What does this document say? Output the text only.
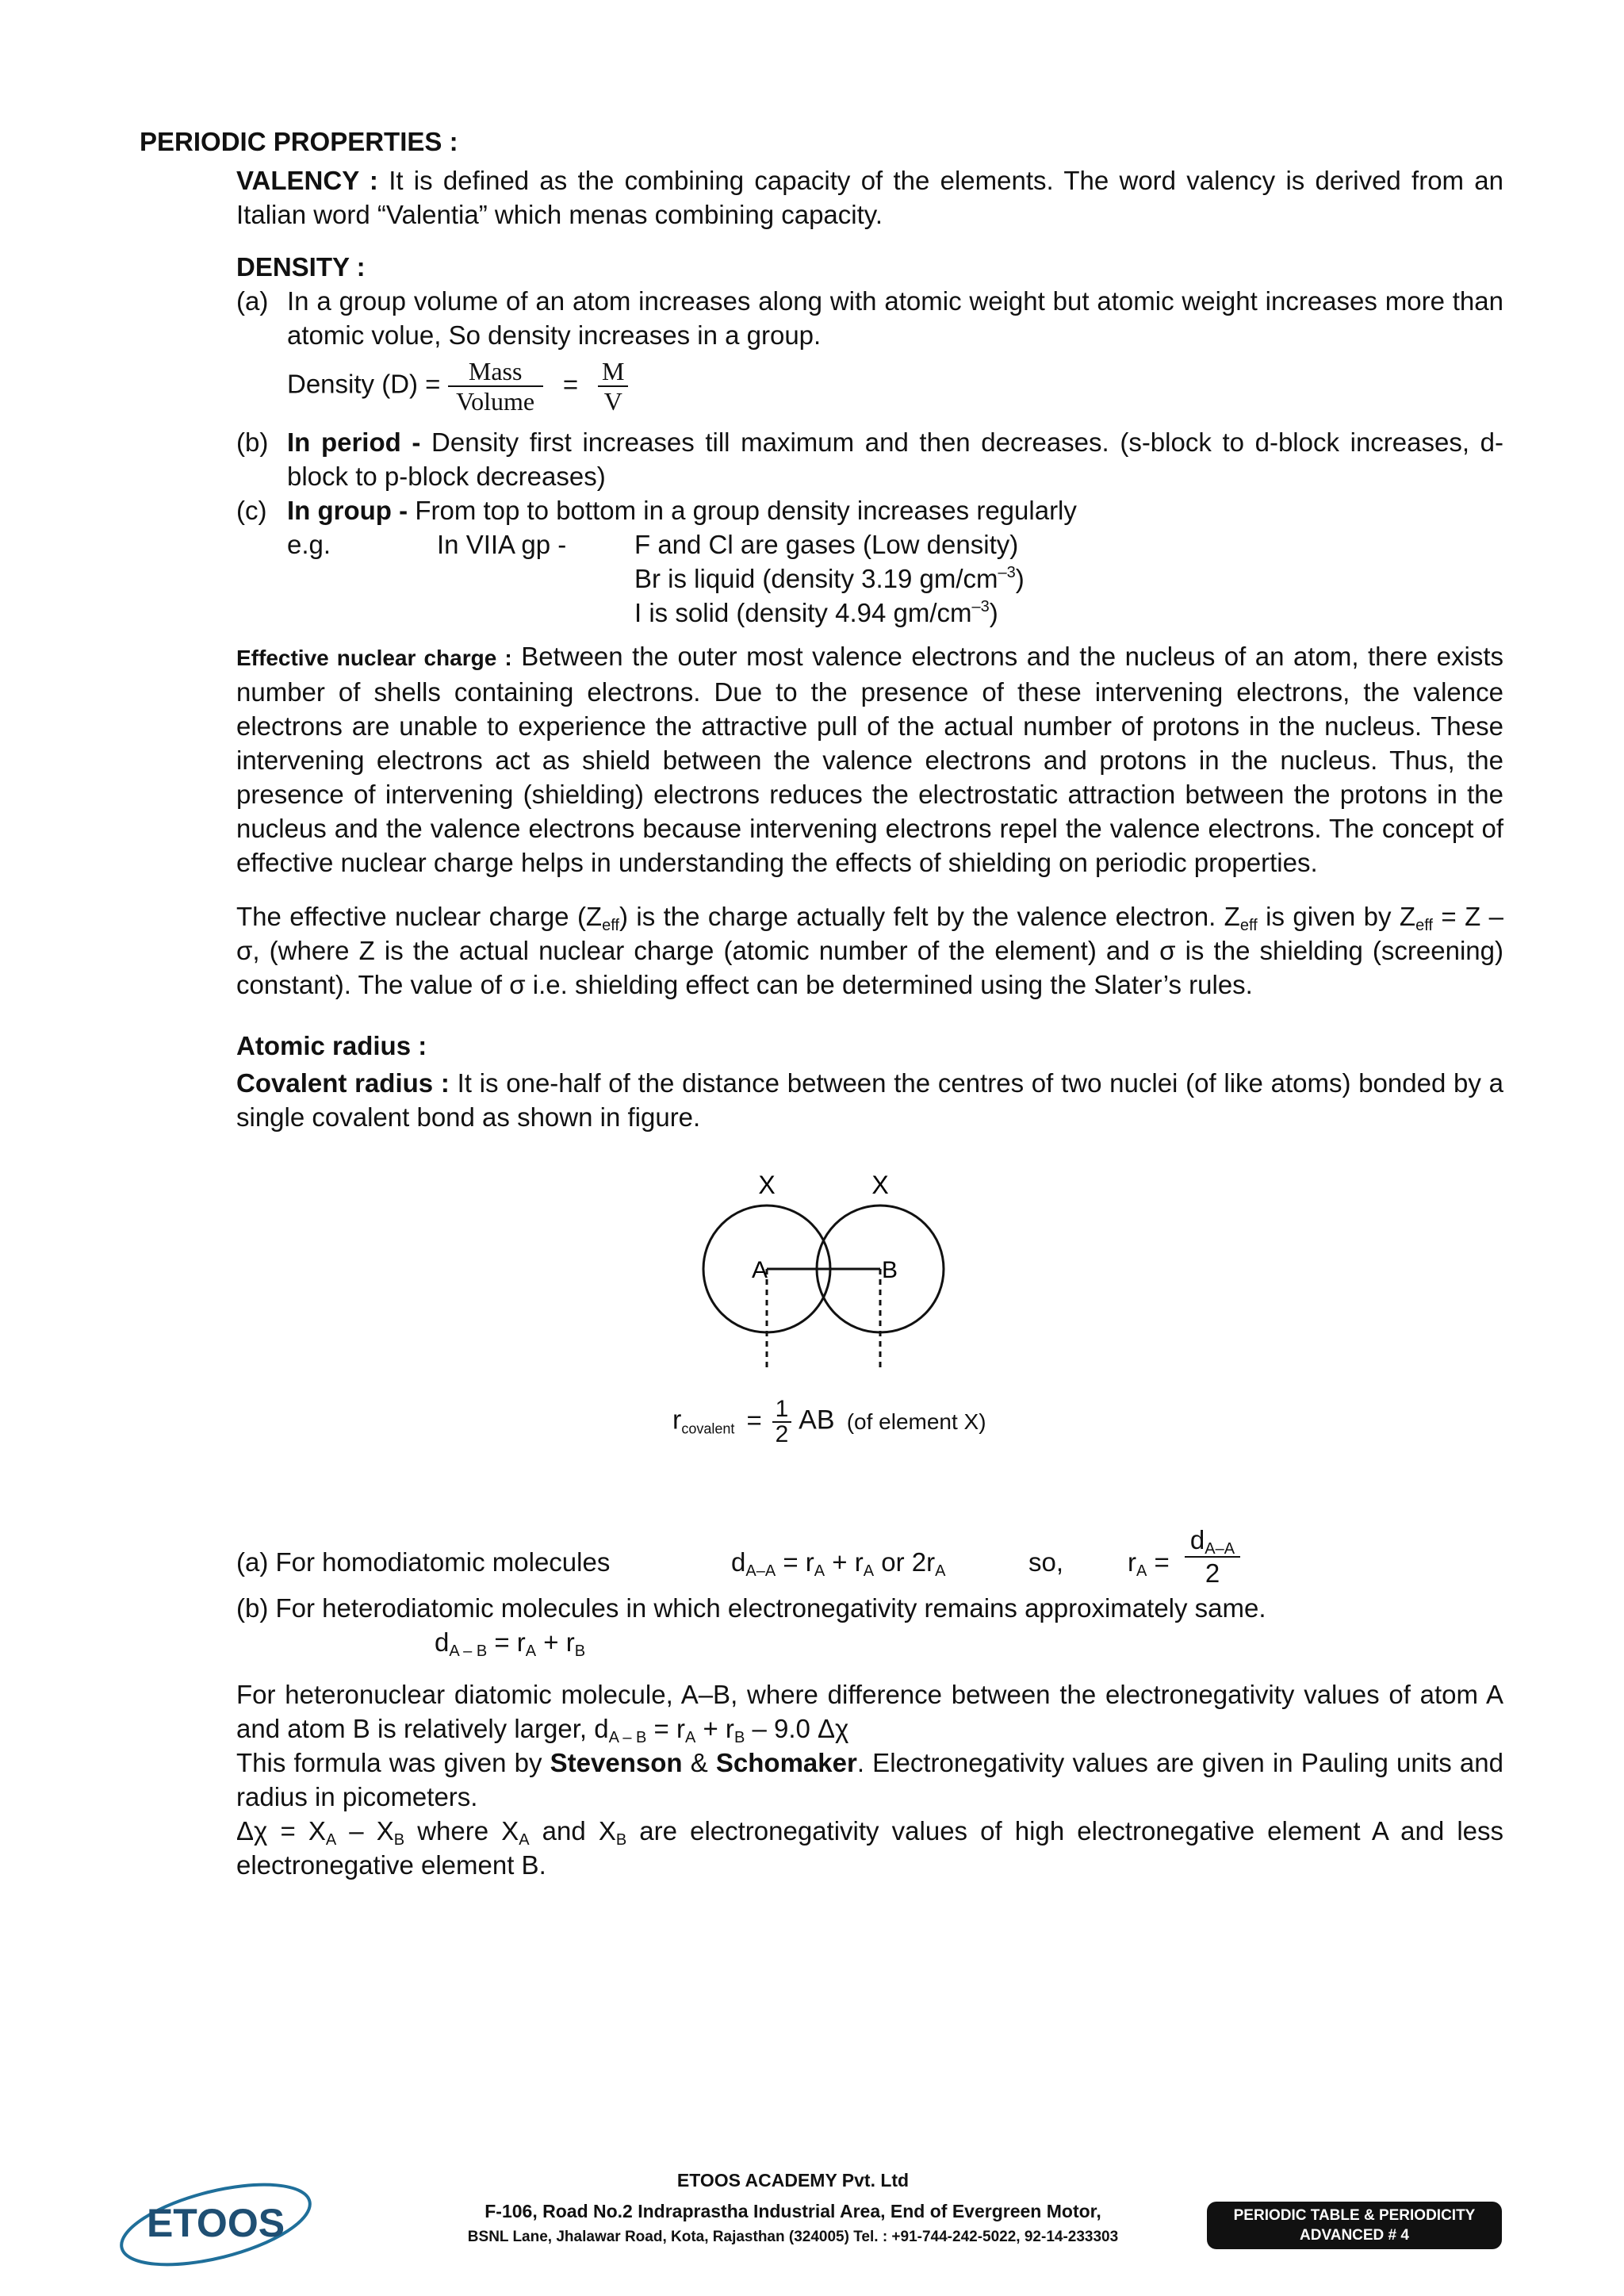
PERIODIC PROPERTIES :
VALENCY : It is defined as the combining capacity of the elements. The word valency is derived from an Italian word “Valentia” which menas combining capacity.
DENSITY :
(a) In a group volume of an atom increases along with atomic weight but atomic weight increases more than atomic volue, So density increases in a group.
Density $(D) = \frac{\text{Mass}}{\text{Volume}} = \frac{M}{V}$
(b) In period - Density first increases till maximum and then decreases. (s-block to d-block increases, d-block to p-block decreases)
(c) In group - From top to bottom in a group density increases regularly
e.g.	In VIIA gp -	F and Cl are gases (Low density)
Br is liquid (density 3.19 $gm/cm^{-3}$)
I is solid (density 4.94 $gm/cm^{-3}$)
Effective nuclear charge : Between the outer most valence electrons and the nucleus of an atom, there exists number of shells containing electrons. Due to the presence of these intervening electrons, the valence electrons are unable to experience the attractive pull of the actual number of protons in the nucleus. These intervening electrons act as shield between the valence electrons and protons in the nucleus. Thus, the presence of intervening (shielding) electrons reduces the electrostatic attraction between the protons in the nucleus and the valence electrons because intervening electrons repel the valence electrons. The concept of effective nuclear charge helps in understanding the effects of shielding on periodic properties.
The effective nuclear charge $(Z_{eff})$ is the charge actually felt by the valence electron. $Z_{eff}$ is given by $Z_{eff} = Z - \sigma$, (where Z is the actual nuclear charge (atomic number of the element) and σ is the shielding (screening) constant). The value of σ i.e. shielding effect can be determined using the Slater’s rules.
Atomic radius :
Covalent radius : It is one-half of the distance between the centres of two nuclei (of like atoms) bonded by a single covalent bond as shown in figure.
X	X
A	B
$r_{covalent} = \frac{1}{2}$ AB (of element X)
(a) For homodiatomic molecules	$d_{A-A} = r_A + r_A$ or $2r_A$	so, $r_A = \frac{d_{A-A}}{2}$
(b) For heterodiatomic molecules in which electronegativity remains approximately same.
$d_{A - B} = r_A + r_B$
For heteronuclear diatomic molecule, A–B, where difference between the electronegativity values of atom A and atom B is relatively larger, $d_{A - B} = r_A + r_B - 9.0$ Δχ
This formula was given by Stevenson & Schomaker. Electronegativity values are given in Pauling units and radius in picometers.
$\Delta\chi = X_A - X_B$ where $X_A$ and $X_B$ are electronegativity values of high electronegative element A and less electronegative element B.
ETOOS
ETOOS ACADEMY Pvt. Ltd
F-106, Road No.2 Indraprastha Industrial Area, End of Evergreen Motor,
BSNL Lane, Jhalawar Road, Kota, Rajasthan (324005) Tel. : +91-744-242-5022, 92-14-233303
PERIODIC TABLE & PERIODICITY
ADVANCED # 4
